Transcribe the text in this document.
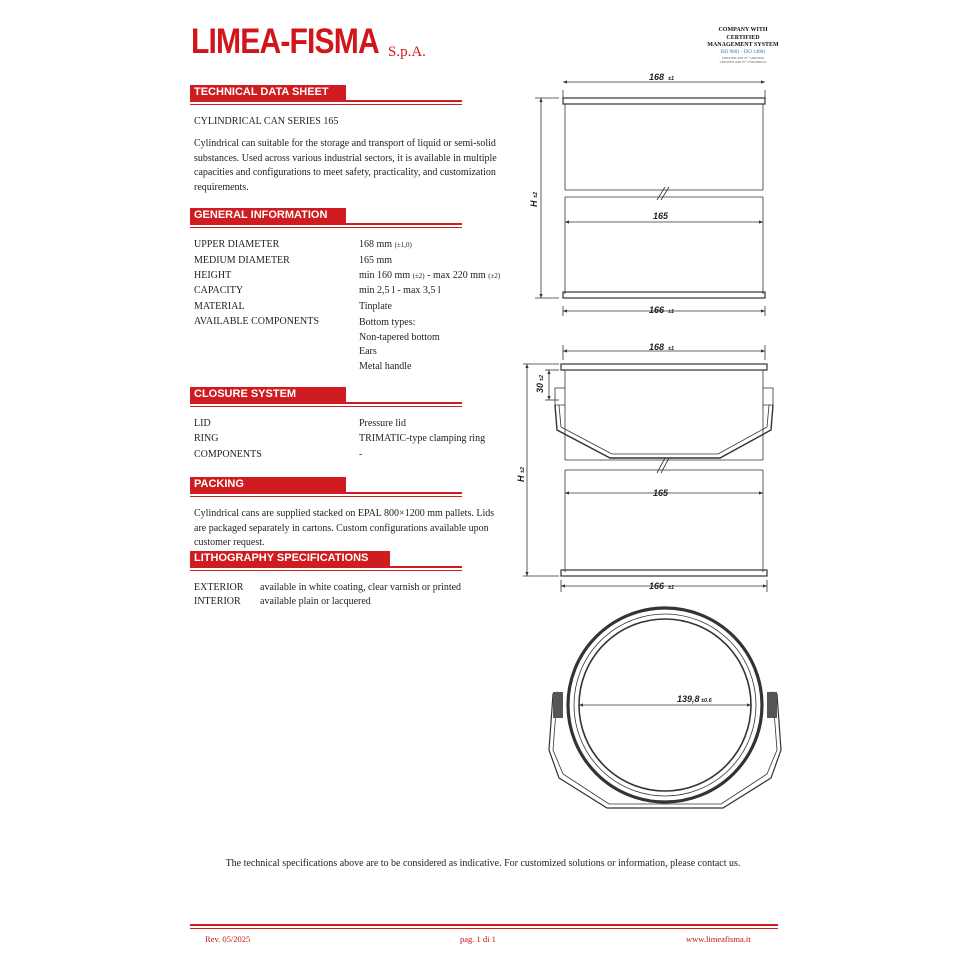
LIMEA-FISMA S.p.A.
COMPANY WITH
CERTIFIED
MANAGEMENT SYSTEM
ISO 9001 - ISO 14001
CERTIFICATE N° 7400/0691
CERTIFICATE N° 0700/00005A
TECHNICAL DATA SHEET
CYLINDRICAL CAN SERIES 165
Cylindrical can suitable for the storage and transport of liquid or semi-solid substances. Used across various industrial sectors, it is available in multiple capacities and configurations to meet safety, practicality, and customization requirements.
GENERAL INFORMATION
UPPER DIAMETER	168 mm (±1,0)
MEDIUM DIAMETER	165 mm
HEIGHT	min 160 mm (±2) - max 220 mm (±2)
CAPACITY	min 2,5 l - max 3,5 l
MATERIAL	Tinplate
AVAILABLE COMPONENTS	Bottom types:
Non-tapered bottom
Ears
Metal handle
CLOSURE SYSTEM
LID	Pressure lid
RING	TRIMATIC-type clamping ring
COMPONENTS	-
PACKING
Cylindrical cans are supplied stacked on EPAL 800×1200 mm pallets. Lids are packaged separately in cartons. Custom configurations available upon customer request.
LITHOGRAPHY SPECIFICATIONS
EXTERIOR available in white coating, clear varnish or printed
INTERIOR available plain or lacquered
168 ±1
165
166 ±1
H
±2
168 ±1
30
±2
165
166 ±1
H
±2
139,8 ±0.6
The technical specifications above are to be considered as indicative. For customized solutions or information, please contact us.
Rev. 05/2025	pag. 1 di 1	www.limeafisma.it
